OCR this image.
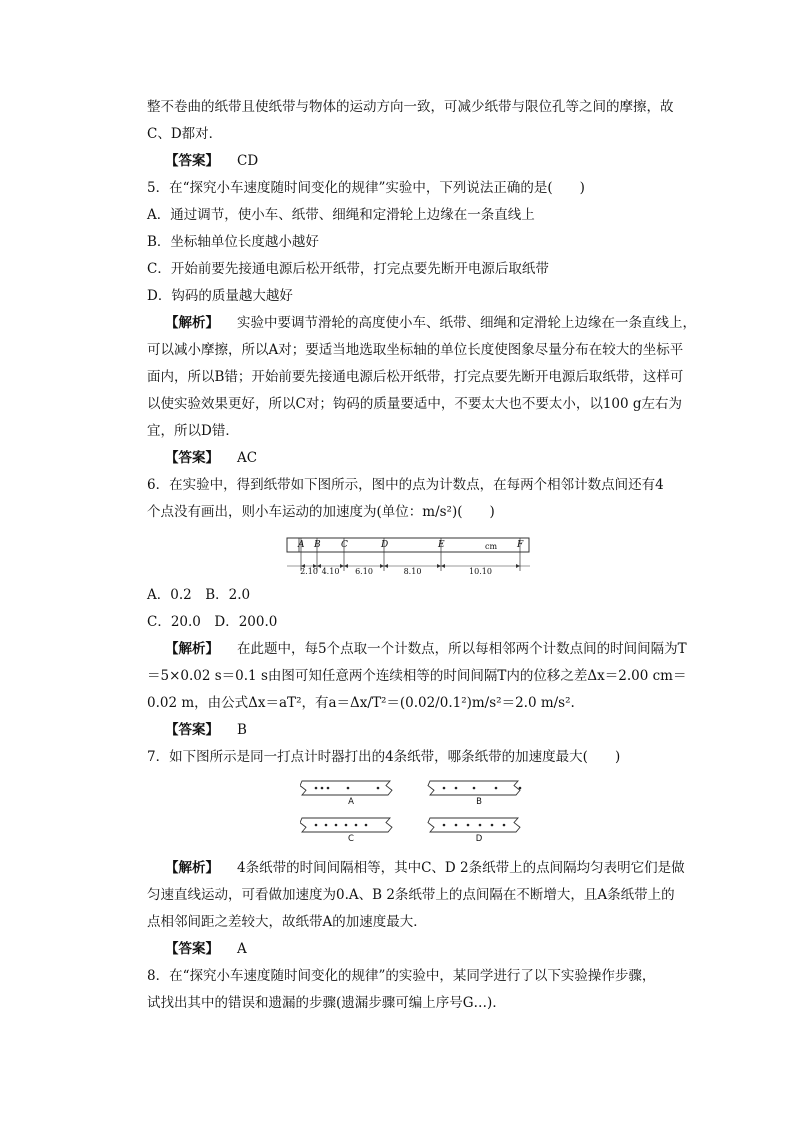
整不卷曲的纸带且使纸带与物体的运动方向一致，可减少纸带与限位孔等之间的摩擦，故
C、D都对．
【答案】 CD
5．在“探究小车速度随时间变化的规律”实验中，下列说法正确的是(　　)
A．通过调节，使小车、纸带、细绳和定滑轮上边缘在一条直线上
B．坐标轴单位长度越小越好
C．开始前要先接通电源后松开纸带，打完点要先断开电源后取纸带
D．钩码的质量越大越好
【解析】 实验中要调节滑轮的高度使小车、纸带、细绳和定滑轮上边缘在一条直线上，
可以减小摩擦，所以A对；要适当地选取坐标轴的单位长度使图象尽量分布在较大的坐标平
面内，所以B错；开始前要先接通电源后松开纸带，打完点要先断开电源后取纸带，这样可
以使实验效果更好，所以C对；钩码的质量要适中，不要太大也不要太小，以100 g左右为
宜，所以D错．
【答案】 AC
6．在实验中，得到纸带如下图所示，图中的点为计数点，在每两个相邻计数点间还有4
个点没有画出，则小车运动的加速度为(单位：m/s²)(　　)
A B C	D	E	F
cm
2.10 4.10 6.10	8.10	10.10
A．0.2　B．2.0
C．20.0　D．200.0
【解析】 在此题中，每5个点取一个计数点，所以每相邻两个计数点间的时间间隔为T
＝5×0.02 s＝0.1 s由图可知任意两个连续相等的时间间隔T内的位移之差Δx＝2.00 cm＝
0.02 m，由公式Δx＝aT²，有a＝Δx/T²＝(0.02/0.1²)m/s²＝2.0 m/s².
【答案】 B
7．如下图所示是同一打点计时器打出的4条纸带，哪条纸带的加速度最大(　　)
A	B
C	D
【解析】 4条纸带的时间间隔相等，其中C、D 2条纸带上的点间隔均匀表明它们是做
匀速直线运动，可看做加速度为0.A、B 2条纸带上的点间隔在不断增大，且A条纸带上的
点相邻间距之差较大，故纸带A的加速度最大．
【答案】 A
8．在“探究小车速度随时间变化的规律”的实验中，某同学进行了以下实验操作步骤，
试找出其中的错误和遗漏的步骤(遗漏步骤可编上序号G…)．
